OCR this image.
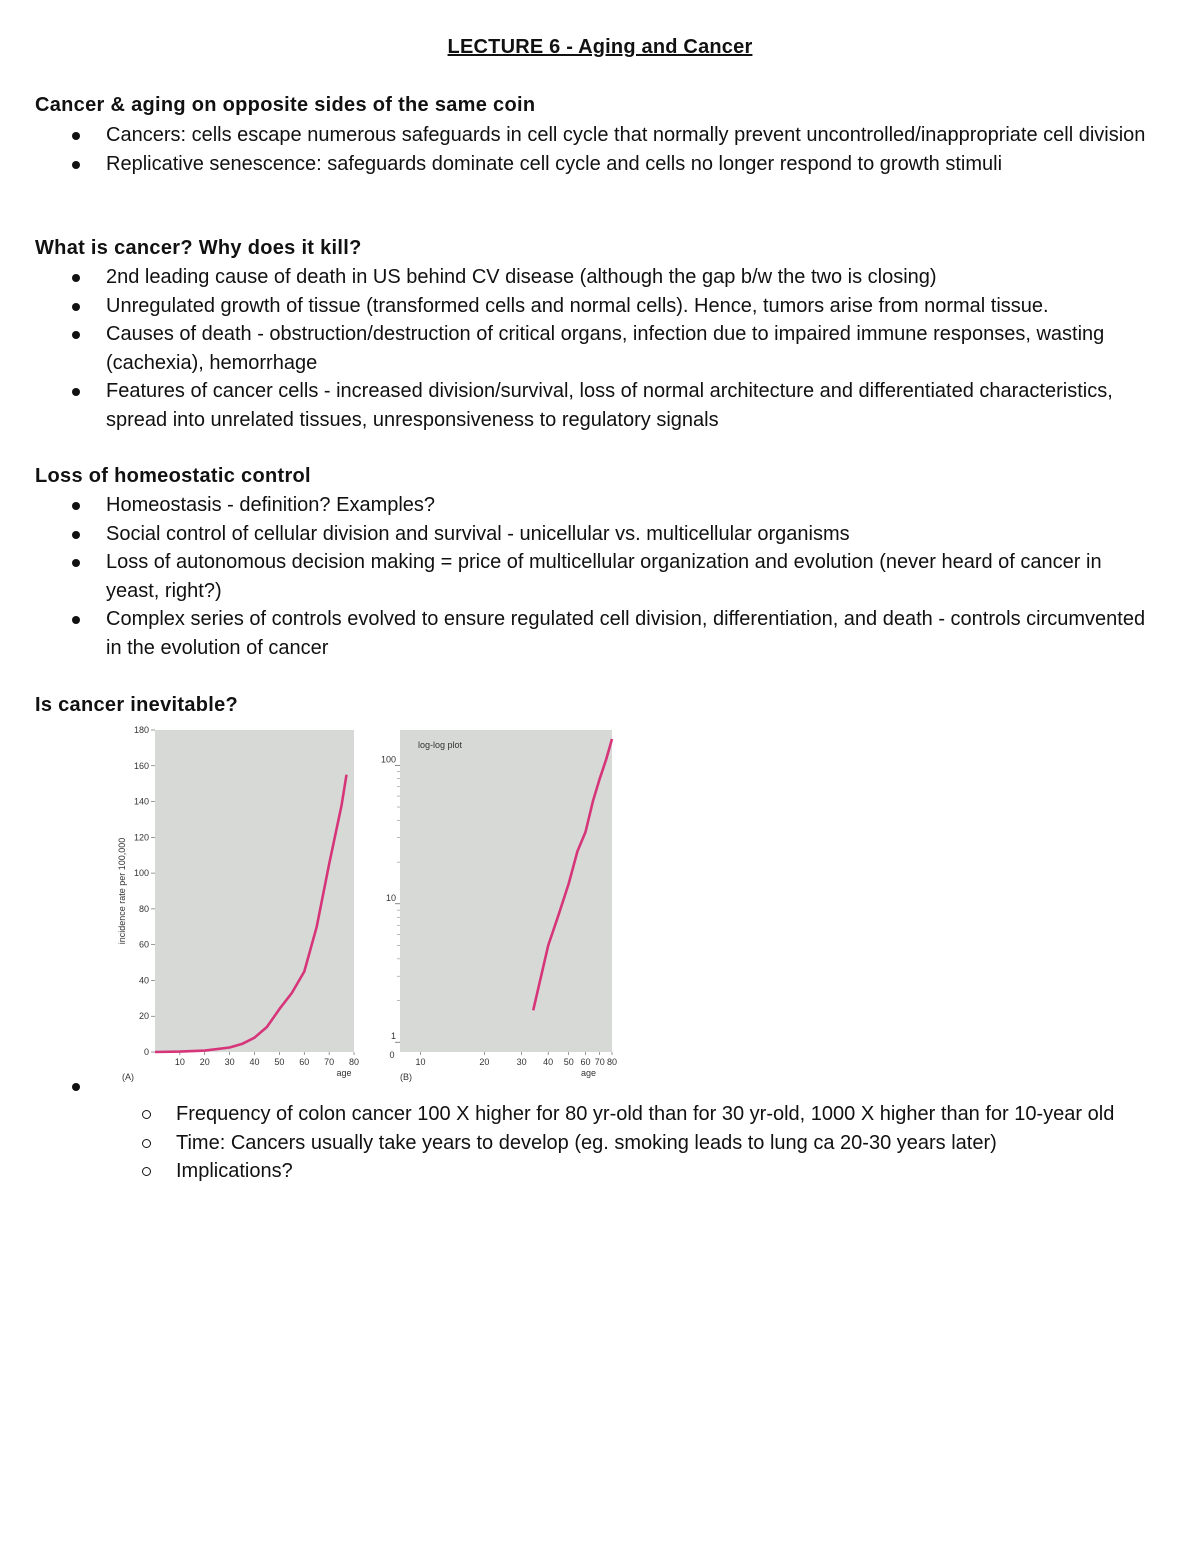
LECTURE 6 - Aging and Cancer
Cancer & aging on opposite sides of the same coin
Cancers: cells escape numerous safeguards in cell cycle that normally prevent uncontrolled/inappropriate cell division
Replicative senescence: safeguards dominate cell cycle and cells no longer respond to growth stimuli
What is cancer? Why does it kill?
2nd leading cause of death in US behind CV disease (although the gap b/w the two is closing)
Unregulated growth of tissue (transformed cells and normal cells). Hence, tumors arise from normal tissue.
Causes of death - obstruction/destruction of critical organs, infection due to impaired immune responses, wasting (cachexia), hemorrhage
Features of cancer cells - increased division/survival, loss of normal architecture and differentiated characteristics, spread into unrelated tissues, unresponsiveness to regulatory signals
Loss of homeostatic control
Homeostasis - definition? Examples?
Social control of cellular division and survival - unicellular vs. multicellular organisms
Loss of autonomous decision making = price of multicellular organization and evolution (never heard of cancer in yeast, right?)
Complex series of controls evolved to ensure regulated cell division, differentiation, and death - controls circumvented in the evolution of cancer
Is cancer inevitable?
0
20
40
60
80
100
120
140
160
180
10 20 30 40 50 60 70 80
age
(A)
incidence rate per 100,000
1
10
100
0
10	20	30 40 50 60 70 80
age
(B)
log-log plot

Frequency of colon cancer 100 X higher for 80 yr-old than for 30 yr-old, 1000 X higher than for 10-year old
Time: Cancers usually take years to develop (eg. smoking leads to lung ca 20-30 years later)
Implications?
